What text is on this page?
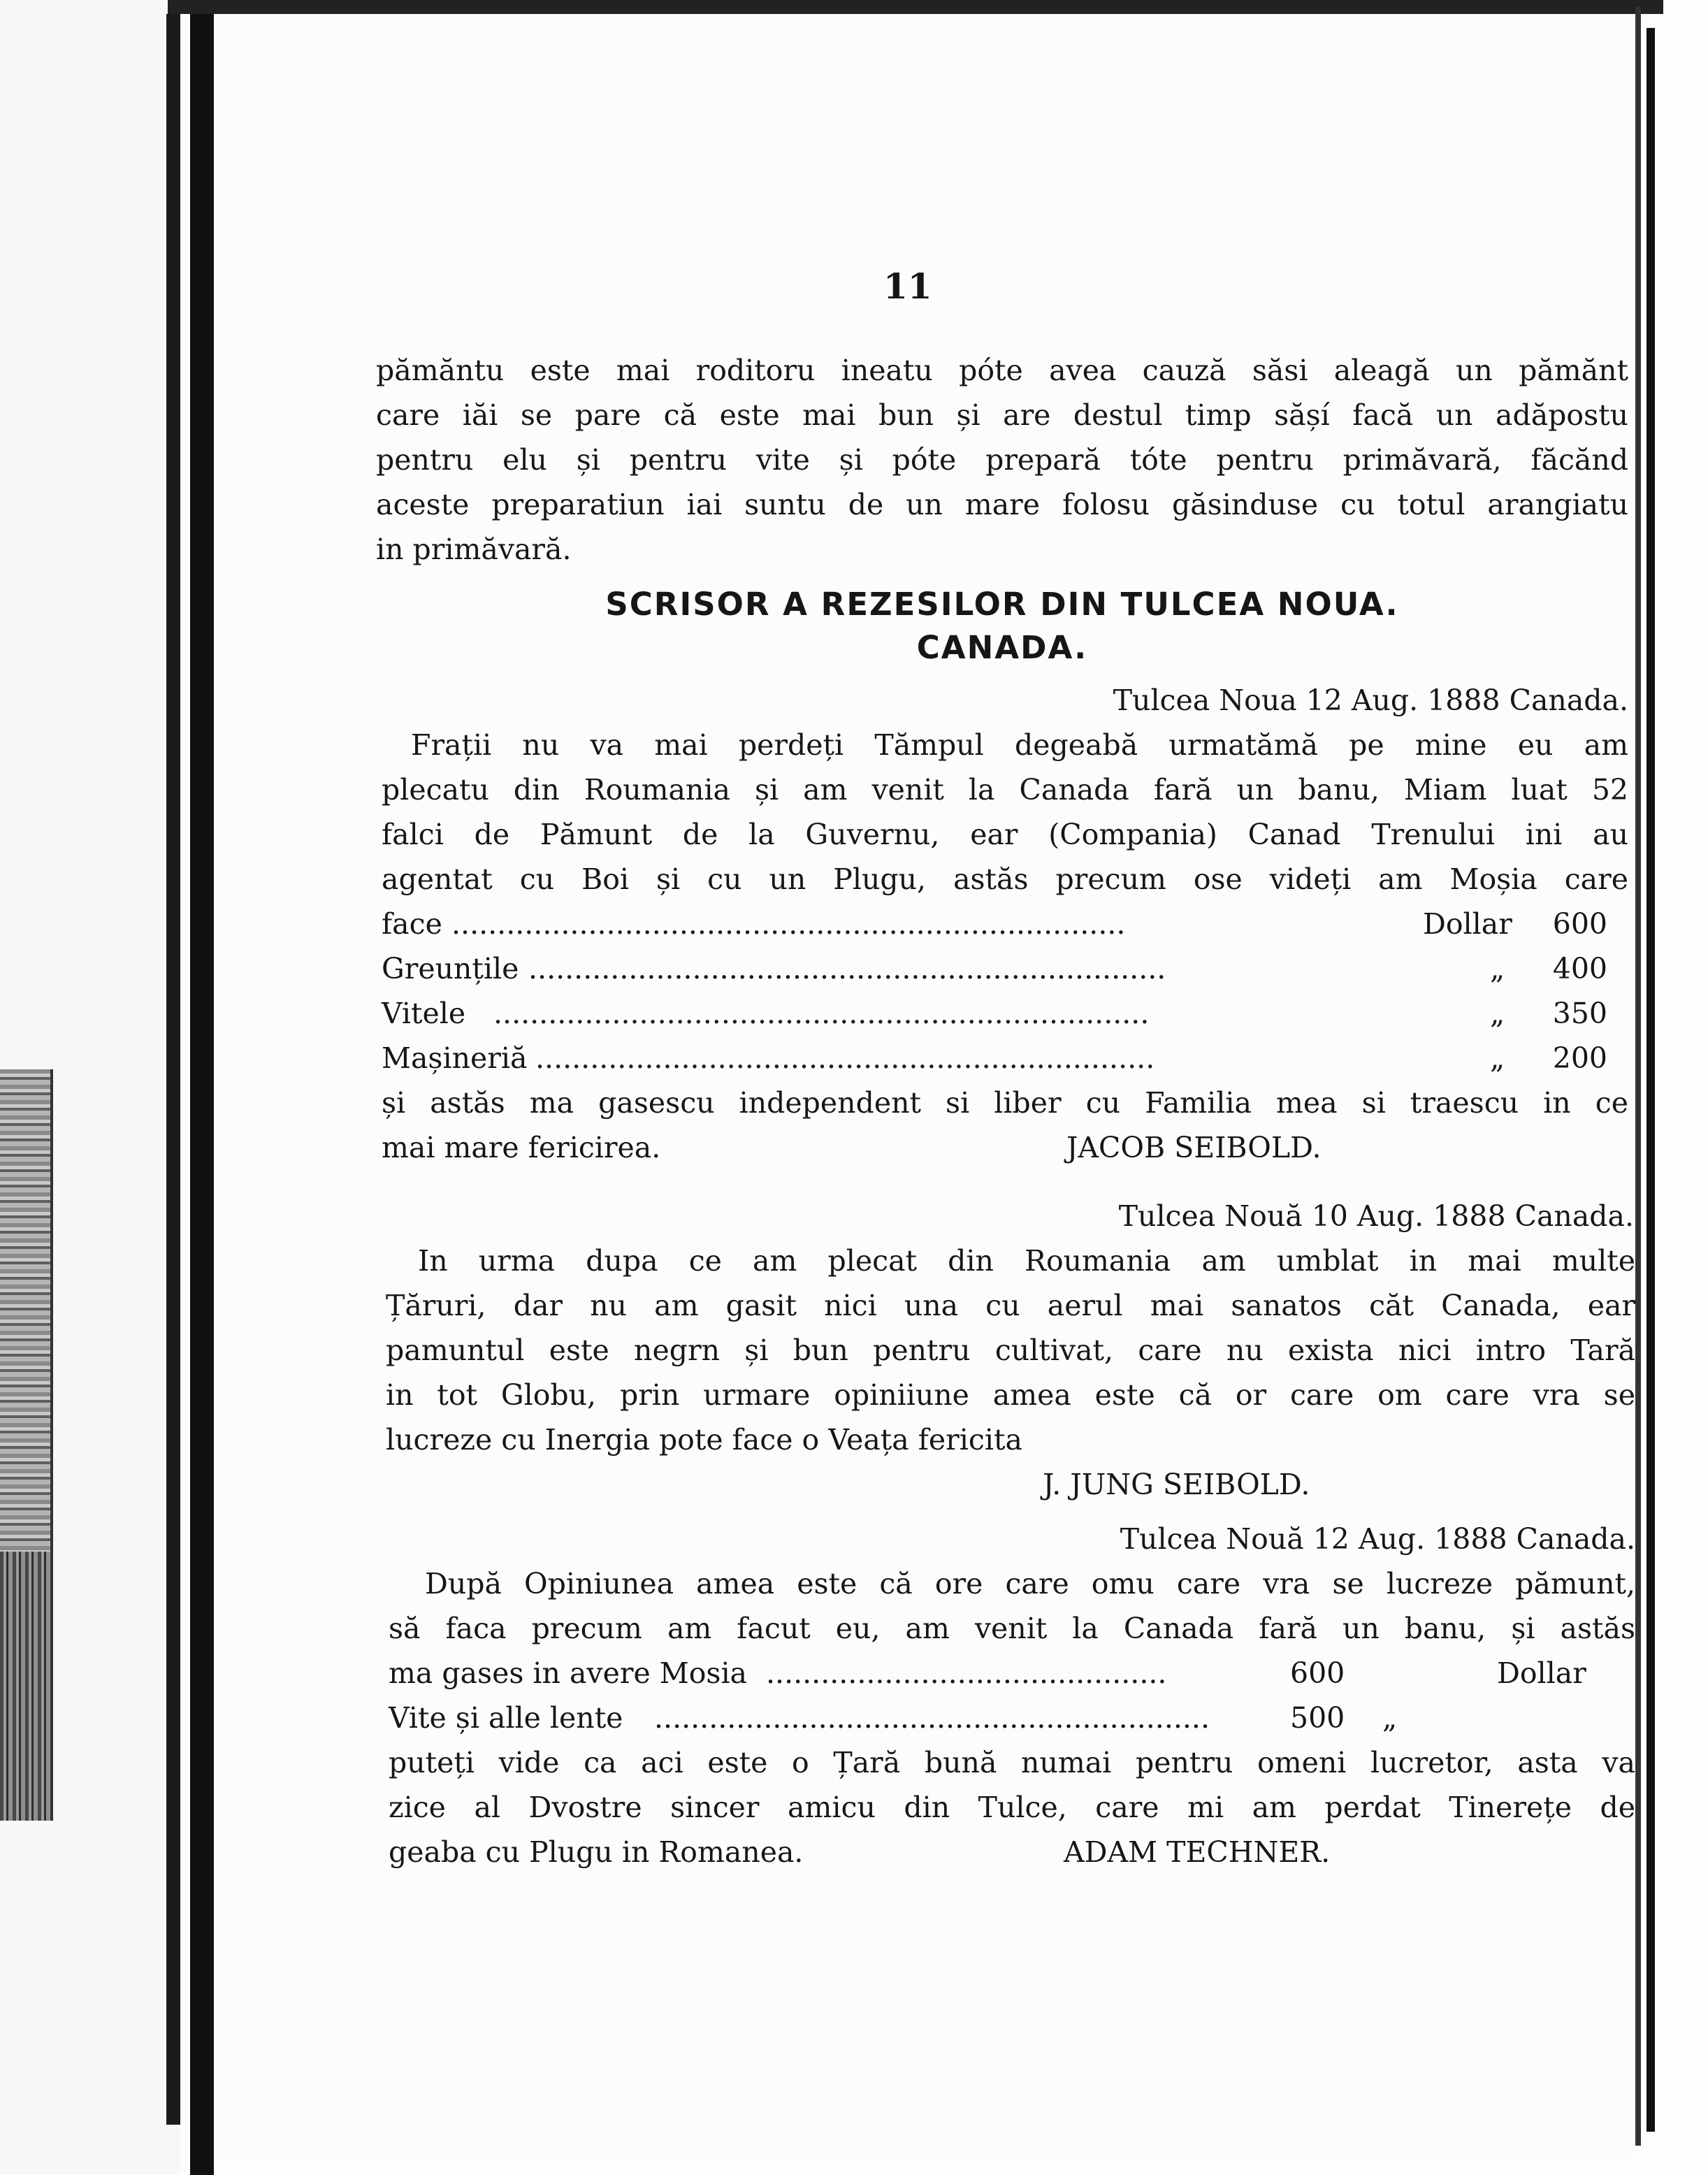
11
pămăntu este mai roditoru ineatu póte avea cauză săsi aleagă un pămănt
care iăi se pare că este mai bun și are destul timp sășí facă un adăpostu
pentru elu și pentru vite și póte prepară tóte pentru primăvară, făcănd
aceste preparatiun iai suntu de un mare folosu găsinduse cu totul arangiatu
in primăvară.
SCRISOR A REZESILOR DIN TULCEA NOUA.
CANADA.
Tulcea Noua 12 Aug. 1888 Canada.
Frații nu va mai perdeți Tămpul degeabă urmatămă pe mine eu am
plecatu din Roumania și am venit la Canada fară un banu, Miam luat 52
falci de Pămunt de la Guvernu, ear (Compania) Canad Trenului ini au
agentat cu Boi și cu un Plugu, astăs precum ose videți am Moșia care
face ..........................................................................	Dollar	600
Greunțile ......................................................................	„	400
Vitele ........................................................................	„	350
Mașineriă ....................................................................	„	200
și astăs ma gasescu independent si liber cu Familia mea si traescu in ce
mai mare fericirea.	JACOB SEIBOLD.
Tulcea Nouă 10 Aug. 1888 Canada.
In urma dupa ce am plecat din Roumania am umblat in mai multe
Țăruri, dar nu am gasit nici una cu aerul mai sanatos căt Canada, ear
pamuntul este negrn și bun pentru cultivat, care nu exista nici intro Tară
in tot Globu, prin urmare opiniiune amea este că or care om care vra se
lucreze cu Inergia pote face o Veața fericita
J. JUNG SEIBOLD.
Tulcea Nouă 12 Aug. 1888 Canada.
După Opiniunea amea este că ore care omu care vra se lucreze pămunt,
să faca precum am facut eu, am venit la Canada fară un banu, și astăs
ma gases in avere Mosia ............................................	600	Dollar
Vite și alle lente .............................................................	500 „
puteți vide ca aci este o Țară bună numai pentru omeni lucretor, asta va
zice al Dvostre sincer amicu din Tulce, care mi am perdat Tinerețe de
geaba cu Plugu in Romanea.	ADAM TECHNER.
